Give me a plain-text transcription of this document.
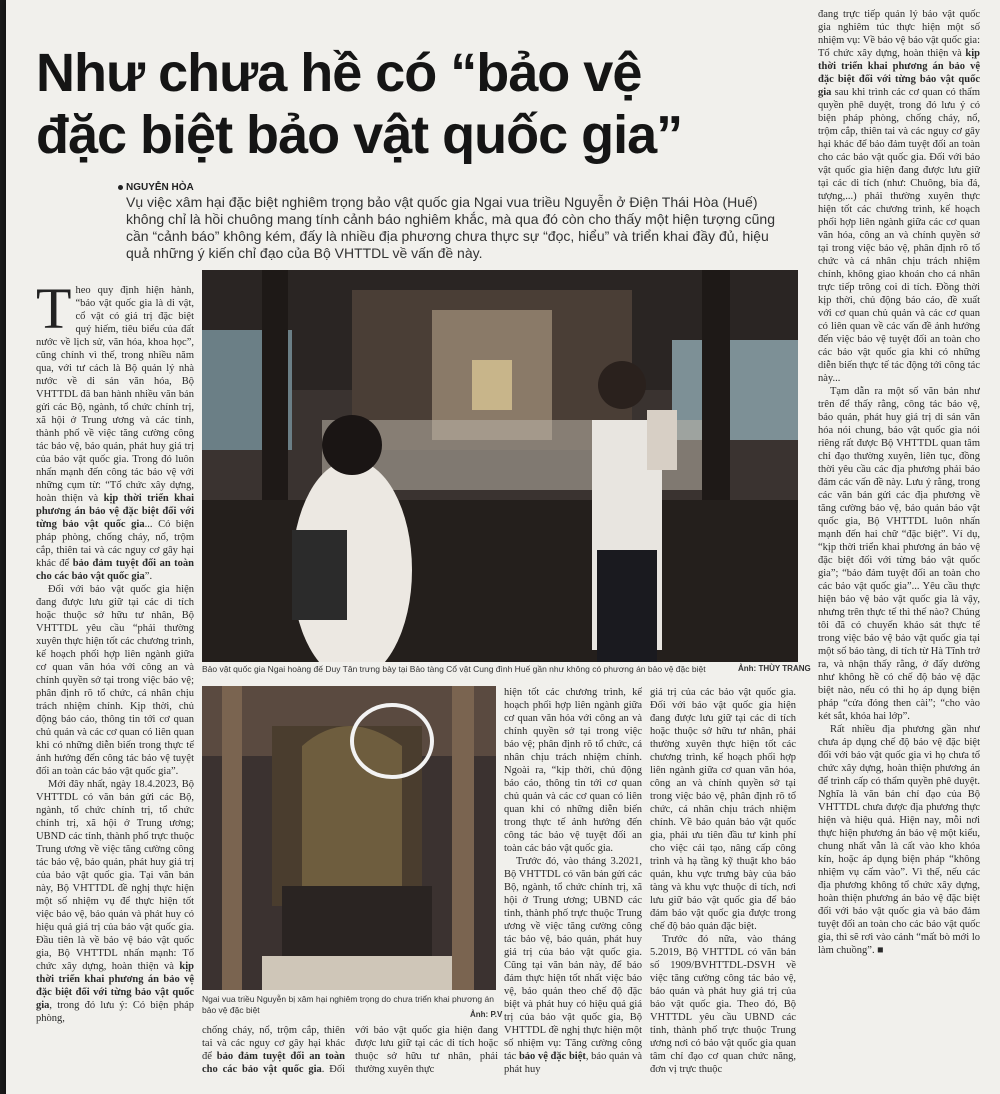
Như chưa hề có “bảo vệ
đặc biệt bảo vật quốc gia”
NGUYỄN HÒA

Vụ việc xâm hại đặc biệt nghiêm trọng bảo vật quốc gia Ngai vua triều Nguyễn ở Điện Thái Hòa (Huế) không chỉ là hồi chuông mang tính cảnh báo nghiêm khắc, mà qua đó còn cho thấy một hiện tượng cũng cần “cảnh báo” không kém, đấy là nhiều địa phương chưa thực sự “đọc, hiểu” và triển khai đầy đủ, hiệu quả những ý kiến chỉ đạo của Bộ VHTTDL về vấn đề này.

Theo quy định hiện hành, “bảo vật quốc gia là di vật, cổ vật có giá trị đặc biệt quý hiếm, tiêu biểu của đất nước về lịch sử, văn hóa, khoa học”, cũng chính vì thế, trong nhiều năm qua, với tư cách là Bộ quản lý nhà nước về di sản văn hóa, Bộ VHTTDL đã ban hành nhiều văn bản gửi các Bộ, ngành, tổ chức chính trị, xã hội ở Trung ương và các tỉnh, thành phố về việc tăng cường công tác bảo vệ, bảo quản, phát huy giá trị của bảo vật quốc gia. Trong đó luôn nhấn mạnh đến công tác bảo vệ với những cụm từ: “Tổ chức xây dựng, hoàn thiện và kịp thời triển khai phương án bảo vệ đặc biệt đối với từng bảo vật quốc gia... Có biện pháp phòng, chống cháy, nổ, trộm cắp, thiên tai và các nguy cơ gây hại khác để bảo đảm tuyệt đối an toàn cho các bảo vật quốc gia”.

Đối với bảo vật quốc gia hiện đang được lưu giữ tại các di tích hoặc thuộc sở hữu tư nhân, Bộ VHTTDL yêu cầu “phải thường xuyên thực hiện tốt các chương trình, kế hoạch phối hợp liên ngành giữa cơ quan văn hóa với công an và chính quyền sở tại trong việc bảo vệ; phân định rõ tổ chức, cá nhân chịu trách nhiệm chính. Kịp thời, chủ động báo cáo, thông tin tới cơ quan chủ quản và các cơ quan có liên quan khi có những diễn biến trong thực tế ảnh hưởng đến công tác bảo vệ tuyệt đối an toàn các bảo vật quốc gia”.

Mới đây nhất, ngày 18.4.2023, Bộ VHTTDL có văn bản gửi các Bộ, ngành, tổ chức chính trị, tổ chức chính trị, xã hội ở Trung ương; UBND các tỉnh, thành phố trực thuộc Trung ương về việc tăng cường công tác bảo vệ, bảo quản, phát huy giá trị của bảo vật quốc gia. Tại văn bản này, Bộ VHTTDL đề nghị thực hiện một số nhiệm vụ để thực hiện tốt việc bảo vệ, bảo quản và phát huy có hiệu quả giá trị của bảo vật quốc gia. Đầu tiên là về bảo vệ bảo vật quốc gia, Bộ VHTTDL nhấn mạnh: Tổ chức xây dựng, hoàn thiện và kịp thời triển khai phương án bảo vệ đặc biệt đối với từng bảo vật quốc gia, trong đó lưu ý: Có biện pháp phòng,

Bảo vật quốc gia Ngai hoàng đế Duy Tân trưng bày tại Bảo tàng Cổ vật Cung đình Huế gần như không có phương án bảo vệ đặc biệt	Ảnh: THÙY TRANG
Ngai vua triều Nguyễn bị xâm hại nghiêm trọng do chưa triển khai phương án bảo vệ đặc biệt	Ảnh: P.V

hiện tốt các chương trình, kế hoạch phối hợp liên ngành giữa cơ quan văn hóa với công an và chính quyền sở tại trong việc bảo vệ; phân định rõ tổ chức, cá nhân chịu trách nhiệm chính. Ngoài ra, “kịp thời, chủ động báo cáo, thông tin tới cơ quan chủ quản và các cơ quan có liên quan khi có những diễn biến trong thực tế ảnh hưởng đến công tác bảo vệ tuyệt đối an toàn các bảo vật quốc gia.

Trước đó, vào tháng 3.2021, Bộ VHTTDL có văn bản gửi các Bộ, ngành, tổ chức chính trị, xã hội ở Trung ương; UBND các tỉnh, thành phố trực thuộc Trung ương về việc tăng cường công tác bảo vệ, bảo quản, phát huy giá trị của bảo vật quốc gia. Cũng tại văn bản này, để bảo đảm thực hiện tốt nhất việc bảo vệ, bảo quản theo chế độ đặc biệt và phát huy có hiệu quả giá trị của bảo vật quốc gia, Bộ VHTTDL đề nghị thực hiện một số nhiệm vụ: Tăng cường công tác bảo vệ đặc biệt, bảo quản và phát huy

chống cháy, nổ, trộm cắp, thiên tai và các nguy cơ gây hại khác để bảo đảm tuyệt đối an toàn cho các bảo vật quốc gia. Đối với bảo vật quốc gia hiện đang được lưu giữ tại các di tích hoặc thuộc sở hữu tư nhân, phải thường xuyên thực

giá trị của các bảo vật quốc gia. Đối với bảo vật quốc gia hiện đang được lưu giữ tại các di tích hoặc thuộc sở hữu tư nhân, phải thường xuyên thực hiện tốt các chương trình, kế hoạch phối hợp liên ngành giữa cơ quan văn hóa, công an và chính quyền sở tại trong việc bảo vệ, phân định rõ tổ chức, cá nhân chịu trách nhiệm chính. Về bảo quản bảo vật quốc gia, phải ưu tiên đầu tư kinh phí cho việc cải tạo, nâng cấp công trình và hạ tầng kỹ thuật kho bảo quản, khu vực trưng bày của bảo tàng và khu vực thuộc di tích, nơi lưu giữ bảo vật quốc gia để bảo đảm bảo vật quốc gia được trong chế độ bảo quản đặc biệt.

Trước đó nữa, vào tháng 5.2019, Bộ VHTTDL có văn bản số 1909/BVHTTDL-DSVH về việc tăng cường công tác bảo vệ, bảo quản và phát huy giá trị của bảo vật quốc gia. Theo đó, Bộ VHTTDL yêu cầu UBND các tỉnh, thành phố trực thuộc Trung ương nơi có bảo vật quốc gia quan tâm chỉ đạo cơ quan chức năng, đơn vị trực thuộc

đang trực tiếp quản lý bảo vật quốc gia nghiêm túc thực hiện một số nhiệm vụ: Về bảo vệ bảo vật quốc gia: Tổ chức xây dựng, hoàn thiện và kịp thời triển khai phương án bảo vệ đặc biệt đối với từng bảo vật quốc gia sau khi trình các cơ quan có thẩm quyền phê duyệt, trong đó lưu ý có biện pháp phòng, chống cháy, nổ, trộm cắp, thiên tai và các nguy cơ gây hại khác để bảo đảm tuyệt đối an toàn cho các bảo vật quốc gia. Đối với bảo vật quốc gia hiện đang được lưu giữ tại các di tích (như: Chuông, bia đá, tượng,...) phải thường xuyên thực hiện tốt các chương trình, kế hoạch phối hợp liên ngành giữa các cơ quan văn hóa, công an và chính quyền sở tại trong việc bảo vệ, phân định rõ tổ chức và cá nhân chịu trách nhiệm chính, không giao khoán cho cá nhân trực tiếp trông coi di tích. Đồng thời kịp thời, chủ động báo cáo, đề xuất với cơ quan chủ quản và các cơ quan có liên quan về các vấn đề ảnh hưởng đến việc bảo vệ tuyệt đối an toàn cho các bảo vật quốc gia khi có những diễn biến thực tế tác động tới công tác này...

Tạm dẫn ra một số văn bản như trên để thấy rằng, công tác bảo vệ, bảo quản, phát huy giá trị di sản văn hóa nói chung, bảo vật quốc gia nói riêng rất được Bộ VHTTDL quan tâm chỉ đạo thường xuyên, liên tục, đồng thời yêu cầu các địa phương phải bảo đảm các vấn đề này. Lưu ý rằng, trong các văn bản gửi các địa phương về tăng cường bảo vệ, bảo quản bảo vật quốc gia, Bộ VHTTDL luôn nhấn mạnh đến hai chữ “đặc biệt”. Ví dụ, “kịp thời triển khai phương án bảo vệ đặc biệt đối với từng bảo vật quốc gia”; “bảo đảm tuyệt đối an toàn cho các bảo vật quốc gia”... Yêu cầu thực hiện bảo vệ bảo vật quốc gia là vậy, nhưng trên thực tế thì thế nào? Chúng tôi đã có chuyến khảo sát thực tế trong việc bảo vệ bảo vật quốc gia tại một số bảo tàng, di tích từ Hà Tĩnh trở ra, và nhận thấy rằng, ở đấy dường như không hề có chế độ bảo vệ đặc biệt nào, nếu có thì họ áp dụng biện pháp “cửa đóng then cài”; “cho vào két sắt, khóa hai lớp”.

Rất nhiều địa phương gần như chưa áp dụng chế độ bảo vệ đặc biệt đối với bảo vật quốc gia vì họ chưa tổ chức xây dựng, hoàn thiện phương án để trình cấp có thẩm quyền phê duyệt. Nghĩa là văn bản chỉ đạo của Bộ VHTTDL chưa được địa phương thực hiện và hiệu quả. Hiện nay, mỗi nơi thực hiện phương án bảo vệ một kiểu, chung nhất vẫn là cất vào kho khóa kín, hoặc áp dụng biện pháp “không nhiệm vụ cấm vào”. Vì thế, nếu các địa phương không tổ chức xây dựng, hoàn thiện phương án bảo vệ đặc biệt đối với bảo vật quốc gia và bảo đảm tuyệt đối an toàn cho các bảo vật quốc gia, thì sẽ rơi vào cảnh “mất bò mới lo làm chuồng”. ■
